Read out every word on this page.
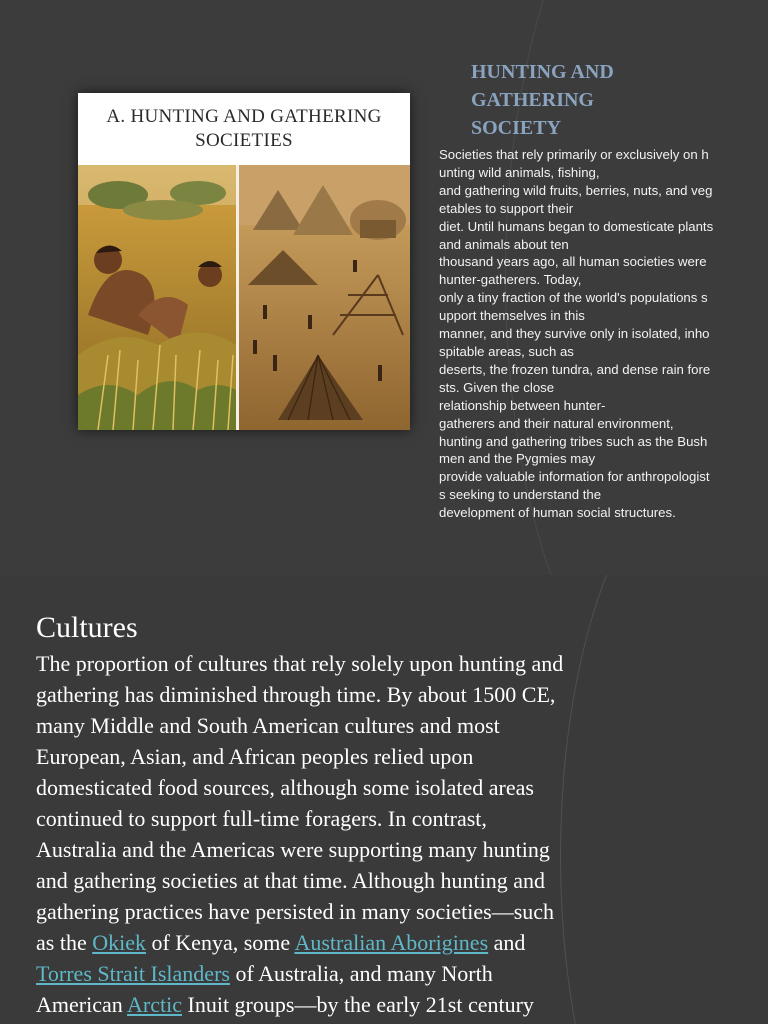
A. HUNTING AND GATHERING
SOCIETIES
HUNTING AND
GATHERING
SOCIETY
Societies that rely primarily or exclusively on h
unting wild animals, fishing,
and gathering wild fruits, berries, nuts, and veg
etables to support their
diet. Until humans began to domesticate plants
and animals about ten
thousand years ago, all human societies were
hunter-gatherers. Today,
only a tiny fraction of the world's populations s
upport themselves in this
manner, and they survive only in isolated, inho
spitable areas, such as
deserts, the frozen tundra, and dense rain fore
sts. Given the close
relationship between hunter-
gatherers and their natural environment,
hunting and gathering tribes such as the Bush
men and the Pygmies may
provide valuable information for anthropologist
s seeking to understand the
development of human social structures.
Cultures
The proportion of cultures that rely solely upon hunting and
gathering has diminished through time. By about 1500 CE,
many Middle and South American cultures and most
European, Asian, and African peoples relied upon
domesticated food sources, although some isolated areas
continued to support full-time foragers. In contrast,
Australia and the Americas were supporting many hunting
and gathering societies at that time. Although hunting and
gathering practices have persisted in many societies—such
as the Okiek of Kenya, some Australian Aborigines and
Torres Strait Islanders of Australia, and many North
American Arctic Inuit groups—by the early 21st century
